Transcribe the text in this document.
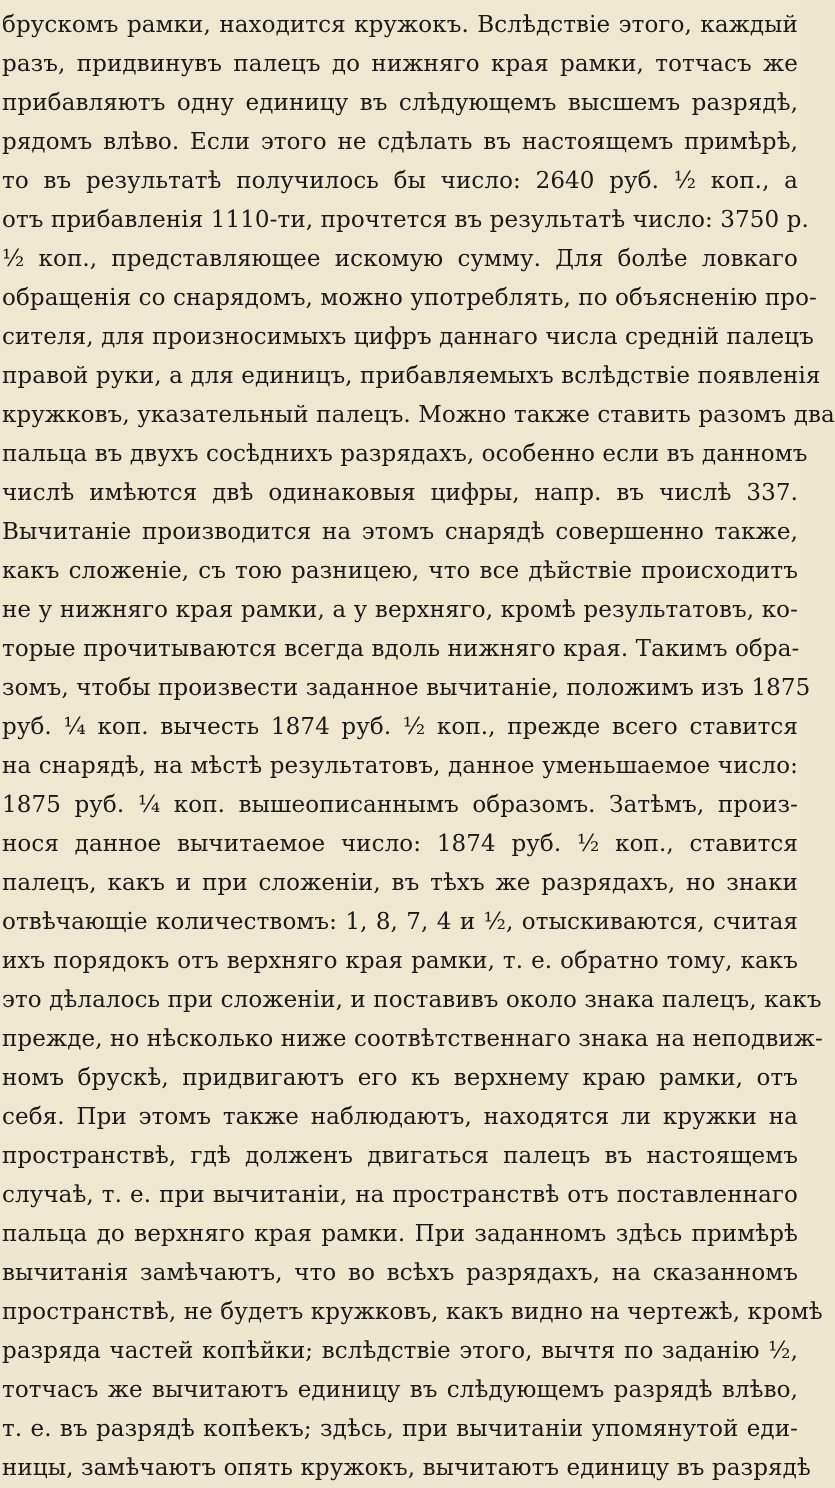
брускомъ рамки, находится кружокъ. Вслѣдствіе этого, каждый
разъ, придвинувъ палецъ до нижняго края рамки, тотчасъ же
прибавляютъ одну единицу въ слѣдующемъ высшемъ разрядѣ,
рядомъ влѣво. Если этого не сдѣлать въ настоящемъ примѣрѣ,
то въ результатѣ получилось бы число: 2640 руб. ½ коп., а
отъ прибавленія 1110-ти, прочтется въ результатѣ число: 3750 р.
½ коп., представляющее искомую сумму. Для болѣе ловкаго
обращенія со снарядомъ, можно употреблять, по объясненію про-
сителя, для произносимыхъ цифръ даннаго числа средній палецъ
правой руки, а для единицъ, прибавляемыхъ вслѣдствіе появленія
кружковъ, указательный палецъ. Можно также ставить разомъ два
пальца въ двухъ сосѣднихъ разрядахъ, особенно если въ данномъ
числѣ имѣются двѣ одинаковыя цифры, напр. въ числѣ 337.
Вычитаніе производится на этомъ снарядѣ совершенно также,
какъ сложеніе, съ тою разницею, что все дѣйствіе происходитъ
не у нижняго края рамки, а у верхняго, кромѣ результатовъ, ко-
торые прочитываются всегда вдоль нижняго края. Такимъ обра-
зомъ, чтобы произвести заданное вычитаніе, положимъ изъ 1875
руб. ¼ коп. вычесть 1874 руб. ½ коп., прежде всего ставится
на снарядѣ, на мѣстѣ результатовъ, данное уменьшаемое число:
1875 руб. ¼ коп. вышеописаннымъ образомъ. Затѣмъ, произ-
нося данное вычитаемое число: 1874 руб. ½ коп., ставится
палецъ, какъ и при сложеніи, въ тѣхъ же разрядахъ, но знаки
отвѣчающіе количествомъ: 1, 8, 7, 4 и ½, отыскиваются, считая
ихъ порядокъ отъ верхняго края рамки, т. е. обратно тому, какъ
это дѣлалось при сложеніи, и поставивъ около знака палецъ, какъ
прежде, но нѣсколько ниже соотвѣтственнаго знака на неподвиж-
номъ брускѣ, придвигаютъ его къ верхнему краю рамки, отъ
себя. При этомъ также наблюдаютъ, находятся ли кружки на
пространствѣ, гдѣ долженъ двигаться палецъ въ настоящемъ
случаѣ, т. е. при вычитаніи, на пространствѣ отъ поставленнаго
пальца до верхняго края рамки. При заданномъ здѣсь примѣрѣ
вычитанія замѣчаютъ, что во всѣхъ разрядахъ, на сказанномъ
пространствѣ, не будетъ кружковъ, какъ видно на чертежѣ, кромѣ
разряда частей копѣйки; вслѣдствіе этого, вычтя по заданію ½,
тотчасъ же вычитаютъ единицу въ слѣдующемъ разрядѣ влѣво,
т. е. въ разрядѣ копѣекъ; здѣсь, при вычитаніи упомянутой еди-
ницы, замѣчаютъ опять кружокъ, вычитаютъ единицу въ разрядѣ
